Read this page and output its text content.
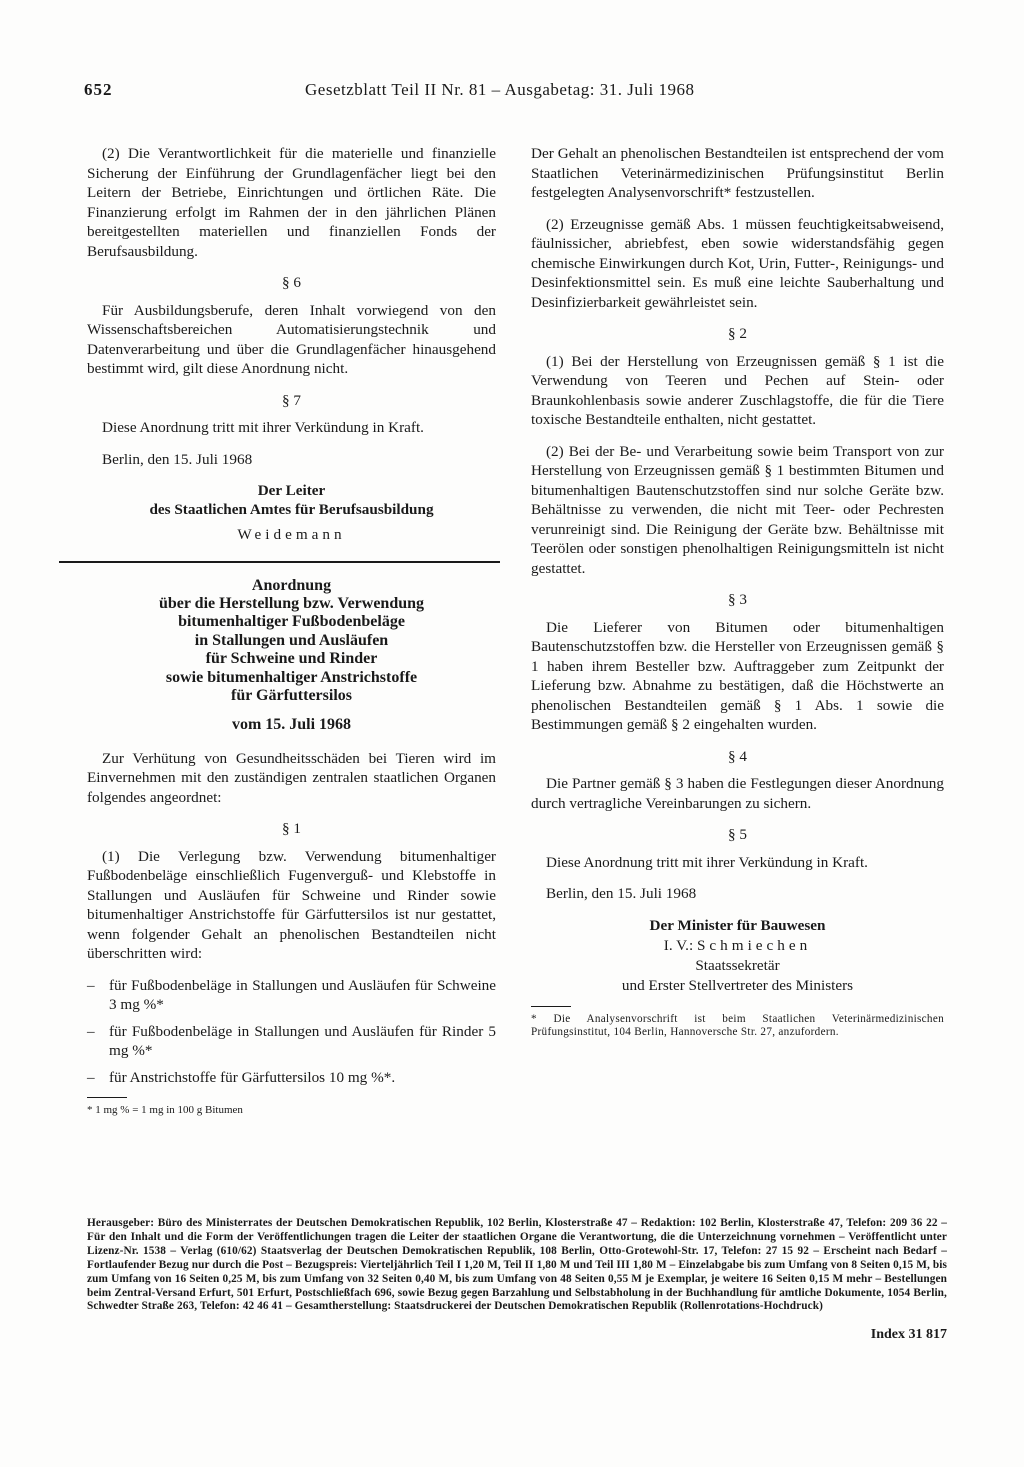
652	Gesetzblatt Teil II Nr. 81 – Ausgabetag: 31. Juli 1968

(2) Die Verantwortlichkeit für die materielle und finanzielle Sicherung der Einführung der Grundlagenfächer liegt bei den Leitern der Betriebe, Einrichtungen und örtlichen Räte. Die Finanzierung erfolgt im Rahmen der in den jährlichen Plänen bereitgestellten materiellen und finanziellen Fonds der Berufsausbildung.

§ 6

Für Ausbildungsberufe, deren Inhalt vorwiegend von den Wissenschaftsbereichen Automatisierungstechnik und Datenverarbeitung und über die Grundlagenfächer hinausgehend bestimmt wird, gilt diese Anordnung nicht.

§ 7

Diese Anordnung tritt mit ihrer Verkündung in Kraft.

Berlin, den 15. Juli 1968
Der Leiter
des Staatlichen Amtes für Berufsausbildung
Weidemann
Anordnung
über die Herstellung bzw. Verwendung
bitumenhaltiger Fußbodenbeläge
in Stallungen und Ausläufen
für Schweine und Rinder
sowie bitumenhaltiger Anstrichstoffe
für Gärfuttersilos
vom 15. Juli 1968

Zur Verhütung von Gesundheitsschäden bei Tieren wird im Einvernehmen mit den zuständigen zentralen staatlichen Organen folgendes angeordnet:

§ 1

(1) Die Verlegung bzw. Verwendung bitumenhaltiger Fußbodenbeläge einschließlich Fugenverguß- und Klebstoffe in Stallungen und Ausläufen für Schweine und Rinder sowie bitumenhaltiger Anstrichstoffe für Gärfuttersilos ist nur gestattet, wenn folgender Gehalt an phenolischen Bestandteilen nicht überschritten wird:

– für Fußbodenbeläge in Stallungen und Ausläufen für Schweine 3 mg %*
– für Fußbodenbeläge in Stallungen und Ausläufen für Rinder 5 mg %*
– für Anstrichstoffe für Gärfuttersilos 10 mg %*.
* 1 mg % = 1 mg in 100 g Bitumen

Der Gehalt an phenolischen Bestandteilen ist entsprechend der vom Staatlichen Veterinärmedizinischen Prüfungsinstitut Berlin festgelegten Analysenvorschrift* festzustellen.

(2) Erzeugnisse gemäß Abs. 1 müssen feuchtigkeitsabweisend, fäulnissicher, abriebfest, eben sowie widerstandsfähig gegen chemische Einwirkungen durch Kot, Urin, Futter-, Reinigungs- und Desinfektionsmittel sein. Es muß eine leichte Sauberhaltung und Desinfizierbarkeit gewährleistet sein.

§ 2

(1) Bei der Herstellung von Erzeugnissen gemäß § 1 ist die Verwendung von Teeren und Pechen auf Stein- oder Braunkohlenbasis sowie anderer Zuschlagstoffe, die für die Tiere toxische Bestandteile enthalten, nicht gestattet.

(2) Bei der Be- und Verarbeitung sowie beim Transport von zur Herstellung von Erzeugnissen gemäß § 1 bestimmten Bitumen und bitumenhaltigen Bautenschutzstoffen sind nur solche Geräte bzw. Behältnisse zu verwenden, die nicht mit Teer- oder Pechresten verunreinigt sind. Die Reinigung der Geräte bzw. Behältnisse mit Teerölen oder sonstigen phenolhaltigen Reinigungsmitteln ist nicht gestattet.

§ 3

Die Lieferer von Bitumen oder bitumenhaltigen Bautenschutzstoffen bzw. die Hersteller von Erzeugnissen gemäß § 1 haben ihrem Besteller bzw. Auftraggeber zum Zeitpunkt der Lieferung bzw. Abnahme zu bestätigen, daß die Höchstwerte an phenolischen Bestandteilen gemäß § 1 Abs. 1 sowie die Bestimmungen gemäß § 2 eingehalten wurden.

§ 4

Die Partner gemäß § 3 haben die Festlegungen dieser Anordnung durch vertragliche Vereinbarungen zu sichern.

§ 5

Diese Anordnung tritt mit ihrer Verkündung in Kraft.

Berlin, den 15. Juli 1968
Der Minister für Bauwesen
I. V.: Schmiechen
Staatssekretär
und Erster Stellvertreter des Ministers
* Die Analysenvorschrift ist beim Staatlichen Veterinärmedizinischen Prüfungsinstitut, 104 Berlin, Hannoversche Str. 27, anzufordern.
Herausgeber: Büro des Ministerrates der Deutschen Demokratischen Republik, 102 Berlin, Klosterstraße 47 – Redaktion: 102 Berlin, Klosterstraße 47, Telefon: 209 36 22 – Für den Inhalt und die Form der Veröffentlichungen tragen die Leiter der staatlichen Organe die Verantwortung, die die Unterzeichnung vornehmen – Veröffentlicht unter Lizenz-Nr. 1538 – Verlag (610/62) Staatsverlag der Deutschen Demokratischen Republik, 108 Berlin, Otto-Grotewohl-Str. 17, Telefon: 27 15 92 – Erscheint nach Bedarf – Fortlaufender Bezug nur durch die Post – Bezugspreis: Vierteljährlich Teil I 1,20 M, Teil II 1,80 M und Teil III 1,80 M – Einzelabgabe bis zum Umfang von 8 Seiten 0,15 M, bis zum Umfang von 16 Seiten 0,25 M, bis zum Umfang von 32 Seiten 0,40 M, bis zum Umfang von 48 Seiten 0,55 M je Exemplar, je weitere 16 Seiten 0,15 M mehr – Bestellungen beim Zentral-Versand Erfurt, 501 Erfurt, Postschließfach 696, sowie Bezug gegen Barzahlung und Selbstabholung in der Buchhandlung für amtliche Dokumente, 1054 Berlin, Schwedter Straße 263, Telefon: 42 46 41 – Gesamtherstellung: Staatsdruckerei der Deutschen Demokratischen Republik (Rollenrotations-Hochdruck)
Index 31 817
